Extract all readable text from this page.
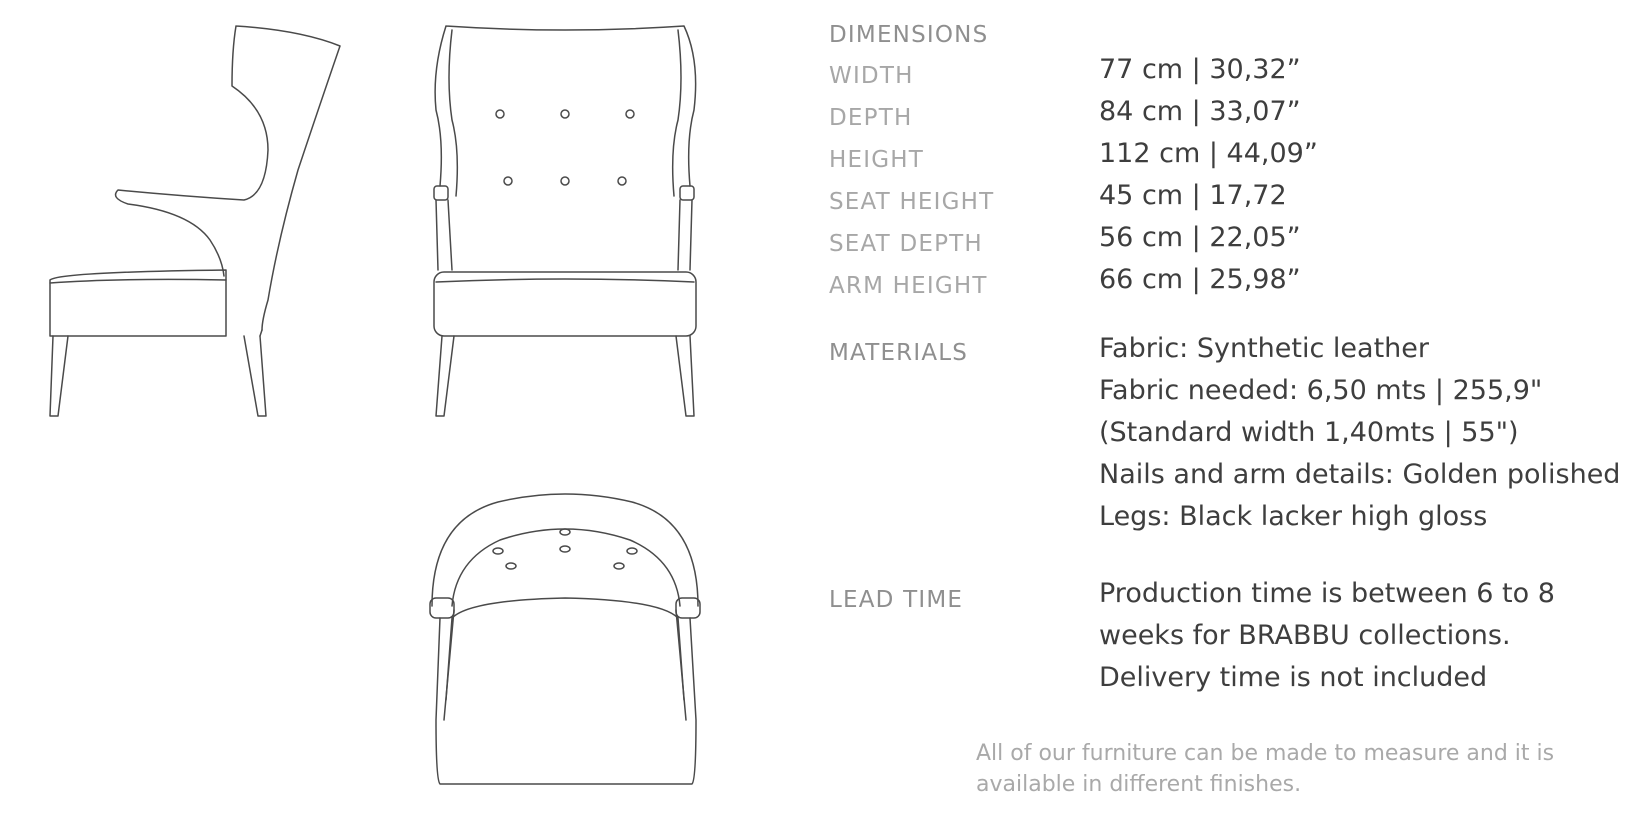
DIMENSIONS
WIDTH	77 cm | 30,32”
DEPTH	84 cm | 33,07”
HEIGHT	112 cm | 44,09”
SEAT HEIGHT	45 cm | 17,72
SEAT DEPTH	56 cm | 22,05”
ARM HEIGHT	66 cm | 25,98”
MATERIALS	Fabric: Synthetic leather
Fabric needed: 6,50 mts | 255,9"
(Standard width 1,40mts | 55")
Nails and arm details: Golden polished
Legs: Black lacker high gloss
LEAD TIME	Production time is between 6 to 8
weeks for BRABBU collections.
Delivery time is not included
All of our furniture can be made to measure and it is available in different finishes.
